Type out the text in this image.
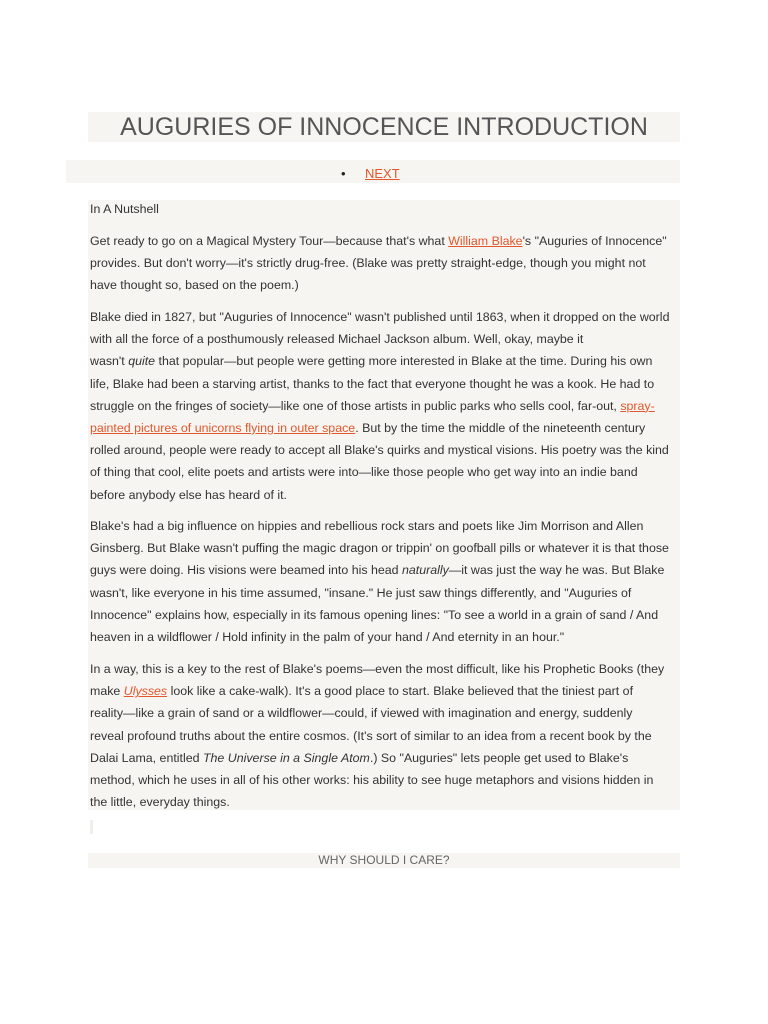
AUGURIES OF INNOCENCE INTRODUCTION
• NEXT
In A Nutshell
Get ready to go on a Magical Mystery Tour—because that's what William Blake's "Auguries of Innocence"
provides. But don't worry—it's strictly drug-free. (Blake was pretty straight-edge, though you might not
have thought so, based on the poem.)
Blake died in 1827, but "Auguries of Innocence" wasn't published until 1863, when it dropped on the world
with all the force of a posthumously released Michael Jackson album. Well, okay, maybe it
wasn't quite that popular—but people were getting more interested in Blake at the time. During his own
life, Blake had been a starving artist, thanks to the fact that everyone thought he was a kook. He had to
struggle on the fringes of society—like one of those artists in public parks who sells cool, far-out, spray-
painted pictures of unicorns flying in outer space. But by the time the middle of the nineteenth century
rolled around, people were ready to accept all Blake's quirks and mystical visions. His poetry was the kind
of thing that cool, elite poets and artists were into—like those people who get way into an indie band
before anybody else has heard of it.
Blake's had a big influence on hippies and rebellious rock stars and poets like Jim Morrison and Allen
Ginsberg. But Blake wasn't puffing the magic dragon or trippin' on goofball pills or whatever it is that those
guys were doing. His visions were beamed into his head naturally—it was just the way he was. But Blake
wasn't, like everyone in his time assumed, "insane." He just saw things differently, and "Auguries of
Innocence" explains how, especially in its famous opening lines: "To see a world in a grain of sand / And
heaven in a wildflower / Hold infinity in the palm of your hand / And eternity in an hour."
In a way, this is a key to the rest of Blake's poems—even the most difficult, like his Prophetic Books (they
make Ulysses look like a cake-walk). It's a good place to start. Blake believed that the tiniest part of
reality—like a grain of sand or a wildflower—could, if viewed with imagination and energy, suddenly
reveal profound truths about the entire cosmos. (It's sort of similar to an idea from a recent book by the
Dalai Lama, entitled The Universe in a Single Atom.) So "Auguries" lets people get used to Blake's
method, which he uses in all of his other works: his ability to see huge metaphors and visions hidden in
the little, everyday things.
WHY SHOULD I CARE?
